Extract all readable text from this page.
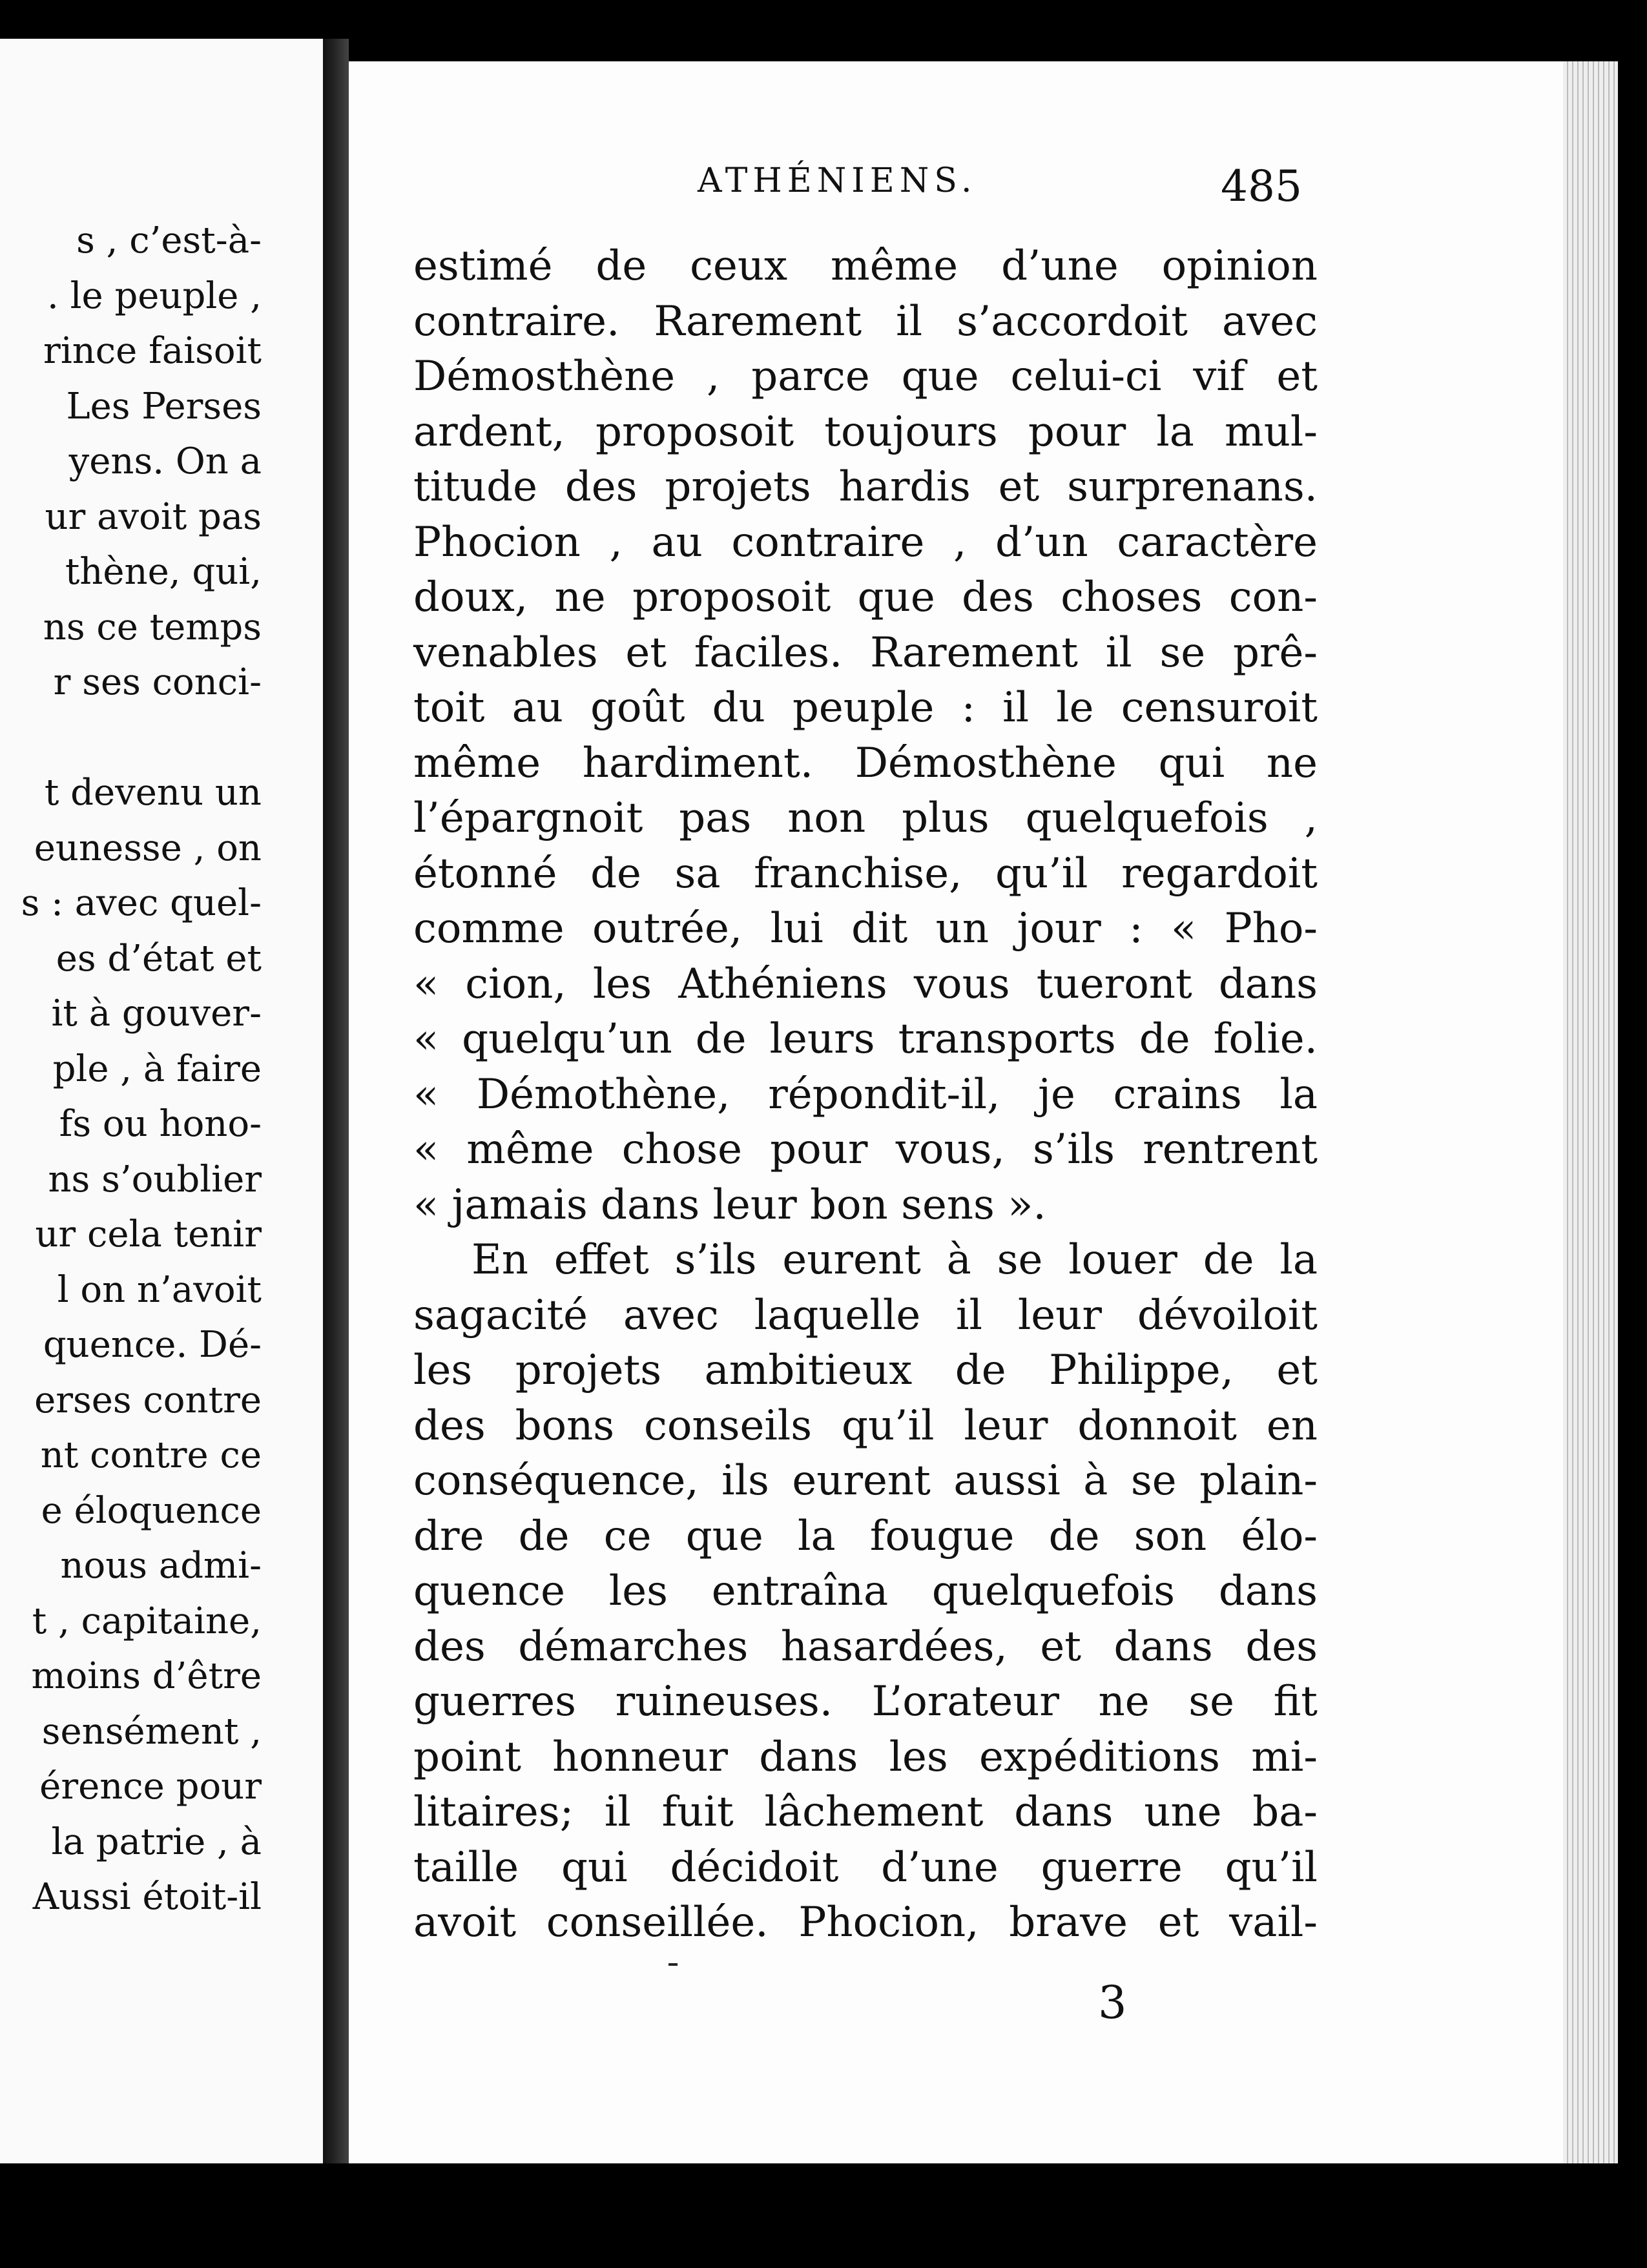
s , c’est-à-
. le peuple ,
rince faisoit
Les Perses
yens. On a
ur avoit pas
thène, qui,
ns ce temps
r ses conci-

t devenu un
eunesse , on
s : avec quel-
es d’état et
it à gouver-
ple , à faire
fs ou hono-
ns s’oublier
ur cela tenir
l on n’avoit
quence. Dé-
erses contre
nt contre ce
e éloquence
nous admi-
t , capitaine,
moins d’être
sensément ,
érence pour
la patrie , à
Aussi étoit-il
ATHÉNIENS.	485
estimé de ceux même d’une opinion
contraire. Rarement il s’accordoit avec
Démosthène , parce que celui-ci vif et
ardent, proposoit toujours pour la mul-
titude des projets hardis et surprenans.
Phocion , au contraire , d’un caractère
doux, ne proposoit que des choses con-
venables et faciles. Rarement il se prê-
toit au goût du peuple : il le censuroit
même hardiment. Démosthène qui ne
l’épargnoit pas non plus quelquefois ,
étonné de sa franchise, qu’il regardoit
comme outrée, lui dit un jour : « Pho-
« cion, les Athéniens vous tueront dans
« quelqu’un de leurs transports de folie.
« Démothène, répondit-il, je crains la
« même chose pour vous, s’ils rentrent
« jamais dans leur bon sens ».
En effet s’ils eurent à se louer de la
sagacité avec laquelle il leur dévoiloit
les projets ambitieux de Philippe, et
des bons conseils qu’il leur donnoit en
conséquence, ils eurent aussi à se plain-
dre de ce que la fougue de son élo-
quence les entraîna quelquefois dans
des démarches hasardées, et dans des
guerres ruineuses. L’orateur ne se fit
point honneur dans les expéditions mi-
litaires; il fuit lâchement dans une ba-
taille qui décidoit d’une guerre qu’il
avoit conseillée. Phocion, brave et vail-
3
